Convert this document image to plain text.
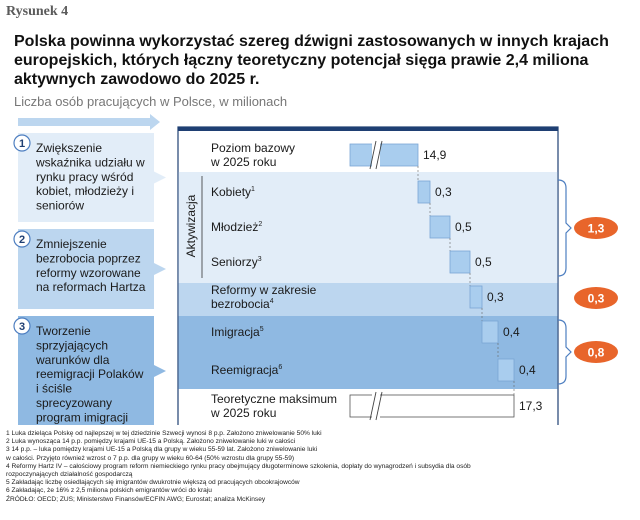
Rysunek 4
Polska powinna wykorzystać szereg dźwigni zastosowanych w innych krajach europejskich, których łączny teoretyczny potencjał sięga prawie 2,4 miliona aktywnych zawodowo do 2025 r.
Liczba osób pracujących w Polsce, w milionach
1 Zwiększenie
wskaźnika udziału w
rynku pracy wśród
kobiet, młodzieży i
seniorów
2 Zmniejszenie
bezrobocia poprzez
reformy wzorowane
na reformach Hartza
3 Tworzenie
sprzyjających
warunków dla
reemigracji Polaków
i ściśle
sprecyzowany
program imigracji
Aktywizacja
Poziom bazowy
w 2025 roku
Kobiety$^1$
Młodzież$^2$
Seniorzy$^3$
Reformy w zakresie
bezrobocia$^4$
Imigracja$^5$
Reemigracja$^6$
Teoretyczne maksimum
w 2025 roku
14,9
0,3
0,5
0,5
0,3
0,4
0,4
17,3
1,3
0,3
0,8
1 Luka dzieląca Polskę od najlepszej w tej dziedzinie Szwecji wynosi 8 p.p. Założono zniwelowanie 50% luki
2 Luka wynosząca 14 p.p. pomiędzy krajami UE-15 a Polską. Założono zniwelowanie luki w całości
3 14 p.p. – luka pomiędzy krajami UE-15 a Polską dla grupy w wieku 55-59 lat. Założono zniwelowanie luki
w całości. Przyjęto również wzrost o 7 p.p. dla grupy w wieku 60-64 (50% wzrostu dla grupy 55-59)
4 Reformy Hartz IV – całościowy program reform niemieckiego rynku pracy obejmujący długoterminowe szkolenia, dopłaty do wynagrodzeń i subsydia dla osób
rozpoczynających działalność gospodarczą
5 Zakładając liczbę osiedlających się imigrantów dwukrotnie większą od pracujących obcokrajowców
6 Zakładając, że 16% z 2,5 miliona polskich emigrantów wróci do kraju
ŹRÓDŁO: OECD; ZUS; Ministerstwo Finansów/ECFIN AWG; Eurostat; analiza McKinsey
